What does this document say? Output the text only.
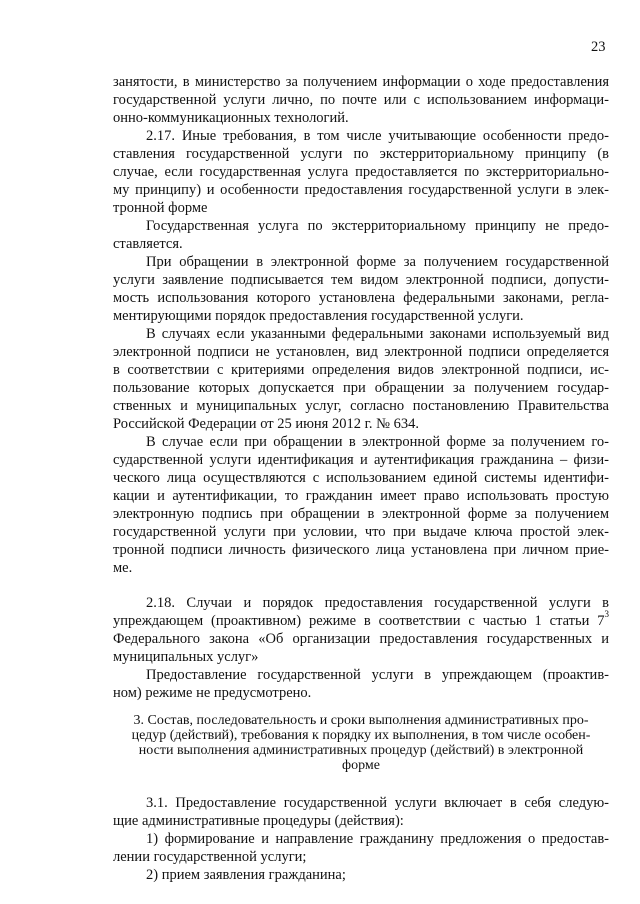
23
занятости, в министерство за получением информации о ходе предоставления
государственной услуги лично, по почте или с использованием информаци-
онно-коммуникационных технологий.
2.17. Иные требования, в том числе учитывающие особенности предо-
ставления государственной услуги по экстерриториальному принципу (в
случае, если государственная услуга предоставляется по экстерриториально-
му принципу) и особенности предоставления государственной услуги в элек-
тронной форме
Государственная услуга по экстерриториальному принципу не предо-
ставляется.
При обращении в электронной форме за получением государственной
услуги заявление подписывается тем видом электронной подписи, допусти-
мость использования которого установлена федеральными законами, регла-
ментирующими порядок предоставления государственной услуги.
В случаях если указанными федеральными законами используемый вид
электронной подписи не установлен, вид электронной подписи определяется
в соответствии с критериями определения видов электронной подписи, ис-
пользование которых допускается при обращении за получением государ-
ственных и муниципальных услуг, согласно постановлению Правительства
Российской Федерации от 25 июня 2012 г. № 634.
В случае если при обращении в электронной форме за получением го-
сударственной услуги идентификация и аутентификация гражданина – физи-
ческого лица осуществляются с использованием единой системы идентифи-
кации и аутентификации, то гражданин имеет право использовать простую
электронную подпись при обращении в электронной форме за получением
государственной услуги при условии, что при выдаче ключа простой элек-
тронной подписи личность физического лица установлена при личном прие-
ме.
2.18. Случаи и порядок предоставления государственной услуги в
упреждающем (проактивном) режиме в соответствии с частью 1 статьи $7^3$
Федерального закона «Об организации предоставления государственных и
муниципальных услуг»
Предоставление государственной услуги в упреждающем (проактив-
ном) режиме не предусмотрено.
3. Состав, последовательность и сроки выполнения административных про-
цедур (действий), требования к порядку их выполнения, в том числе особен-
ности выполнения административных процедур (действий) в электронной
форме
3.1. Предоставление государственной услуги включает в себя следую-
щие административные процедуры (действия):
1) формирование и направление гражданину предложения о предостав-
лении государственной услуги;
2) прием заявления гражданина;
